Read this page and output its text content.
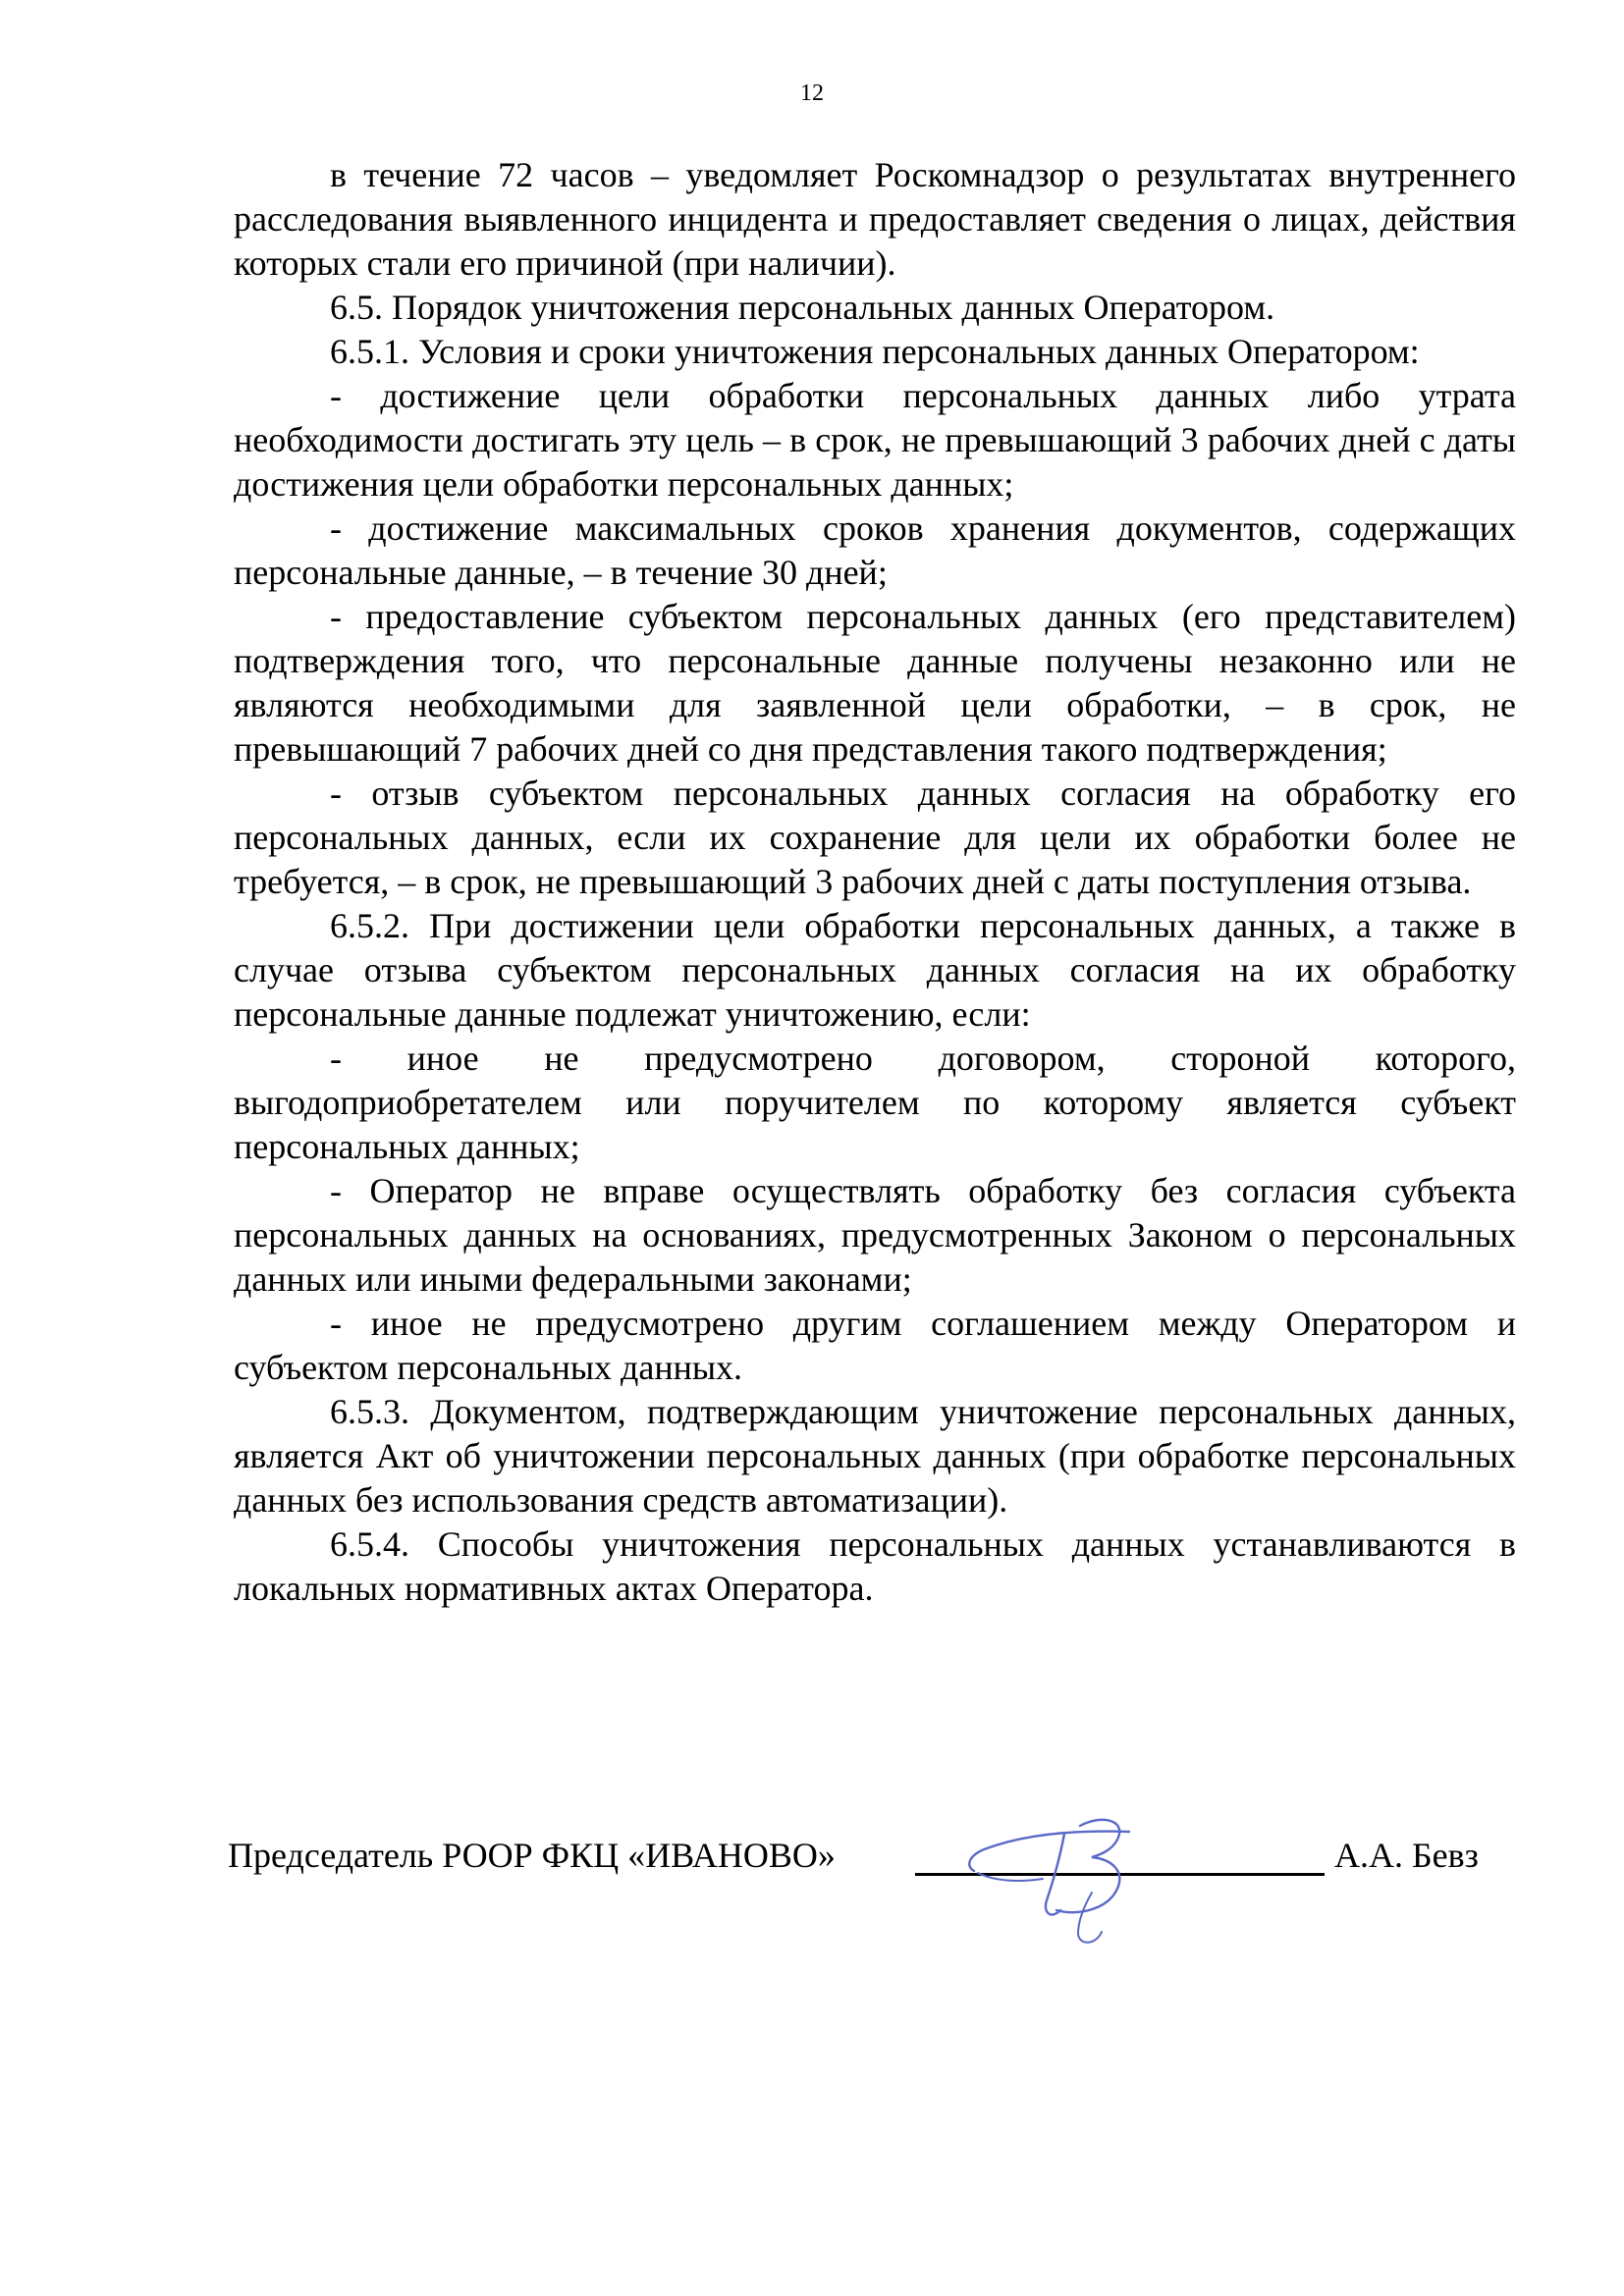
12

в течение 72 часов – уведомляет Роскомнадзор о результатах внутреннего расследования выявленного инцидента и предоставляет сведения о лицах, действия которых стали его причиной (при наличии).

6.5. Порядок уничтожения персональных данных Оператором.

6.5.1. Условия и сроки уничтожения персональных данных Оператором:

- достижение цели обработки персональных данных либо утрата необходимости достигать эту цель – в срок, не превышающий 3 рабочих дней с даты достижения цели обработки персональных данных;

- достижение максимальных сроков хранения документов, содержащих персональные данные, – в течение 30 дней;

- предоставление субъектом персональных данных (его представителем) подтверждения того, что персональные данные получены незаконно или не являются необходимыми для заявленной цели обработки, – в срок, не превышающий 7 рабочих дней со дня представления такого подтверждения;

- отзыв субъектом персональных данных согласия на обработку его персональных данных, если их сохранение для цели их обработки более не требуется, – в срок, не превышающий 3 рабочих дней с даты поступления отзыва.

6.5.2. При достижении цели обработки персональных данных, а также в случае отзыва субъектом персональных данных согласия на их обработку персональные данные подлежат уничтожению, если:

- иное не предусмотрено договором, стороной которого, выгодоприобретателем или поручителем по которому является субъект персональных данных;

- Оператор не вправе осуществлять обработку без согласия субъекта персональных данных на основаниях, предусмотренных Законом о персональных данных или иными федеральными законами;

- иное не предусмотрено другим соглашением между Оператором и субъектом персональных данных.

6.5.3. Документом, подтверждающим уничтожение персональных данных, является Акт об уничтожении персональных данных (при обработке персональных данных без использования средств автоматизации).

6.5.4. Способы уничтожения персональных данных устанавливаются в локальных нормативных актах Оператора.

Председатель РООР ФКЦ «ИВАНОВО»	А.А. Бевз
